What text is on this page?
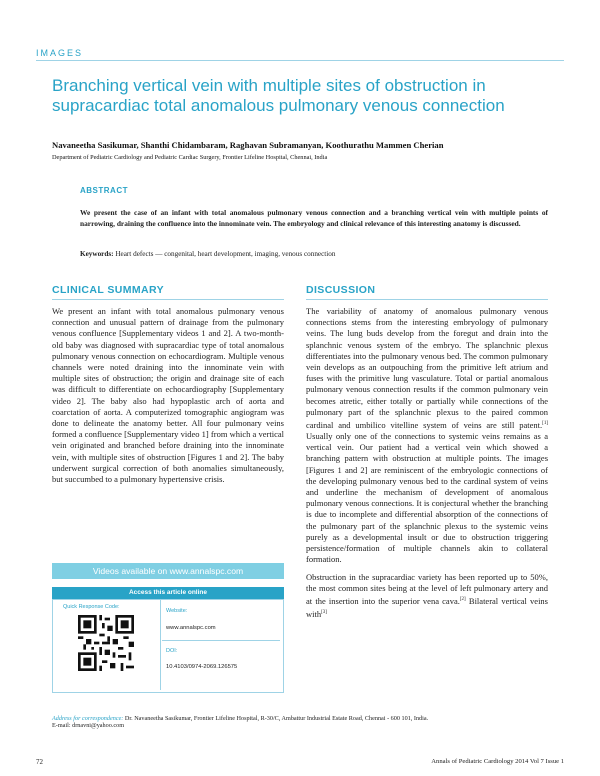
IMAGES
Branching vertical vein with multiple sites of obstruction in supracardiac total anomalous pulmonary venous connection
Navaneetha Sasikumar, Shanthi Chidambaram, Raghavan Subramanyan, Koothurathu Mammen Cherian
Department of Pediatric Cardiology and Pediatric Cardiac Surgery, Frontier Lifeline Hospital, Chennai, India
ABSTRACT
We present the case of an infant with total anomalous pulmonary venous connection and a branching vertical vein with multiple points of narrowing, draining the confluence into the innominate vein. The embryology and clinical relevance of this interesting anatomy is discussed.
Keywords: Heart defects — congenital, heart development, imaging, venous connection
CLINICAL SUMMARY
We present an infant with total anomalous pulmonary venous connection and unusual pattern of drainage from the pulmonary venous confluence [Supplementary videos 1 and 2]. A two-month-old baby was diagnosed with supracardiac type of total anomalous pulmonary venous connection on echocardiogram. Multiple venous channels were noted draining into the innominate vein with multiple sites of obstruction; the origin and drainage site of each was difficult to differentiate on echocardiography [Supplementary video 2]. The baby also had hypoplastic arch of aorta and coarctation of aorta. A computerized tomographic angiogram was done to delineate the anatomy better. All four pulmonary veins formed a confluence [Supplementary video 1] from which a vertical vein originated and branched before draining into the innominate vein, with multiple sites of obstruction [Figures 1 and 2]. The baby underwent surgical correction of both anomalies simultaneously, but succumbed to a pulmonary hypertensive crisis.
DISCUSSION
The variability of anatomy of anomalous pulmonary venous connections stems from the interesting embryology of pulmonary veins. The lung buds develop from the foregut and drain into the splanchnic venous system of the embryo. The splanchnic plexus differentiates into the pulmonary venous bed. The common pulmonary vein develops as an outpouching from the primitive left atrium and fuses with the primitive lung vasculature. Total or partial anomalous pulmonary venous connection results if the common pulmonary vein becomes atretic, either totally or partially while connections of the pulmonary part of the splanchnic plexus to the paired common cardinal and umbilico vitelline system of veins are still patent.[1] Usually only one of the connections to systemic veins remains as a vertical vein. Our patient had a vertical vein which showed a branching pattern with obstruction at multiple points. The images [Figures 1 and 2] are reminiscent of the embryologic connections of the developing pulmonary venous bed to the cardinal system of veins and underline the mechanism of development of anomalous pulmonary venous connections. It is conjectural whether the branching is due to incomplete and differential absorption of the connections of the pulmonary part of the splanchnic plexus to the systemic veins purely as a developmental insult or due to obstruction triggering persistence/formation of multiple channels akin to collateral formation.
Obstruction in the supracardiac variety has been reported up to 50%, the most common sites being at the level of left pulmonary artery and at the insertion into the superior vena cava.[2] Bilateral vertical veins with[3]
Videos available on www.annalspc.com
Access this article online
Quick Response Code:
Website:
www.annalspc.com
DOI:
10.4103/0974-2069.126575
Address for correspondence: Dr. Navaneetha Sasikumar, Frontier Lifeline Hospital, R-30/C, Ambattur Industrial Estate Road, Chennai - 600 101, India.
E-mail: drnavni@yahoo.com
72	Annals of Pediatric Cardiology 2014 Vol 7 Issue 1
